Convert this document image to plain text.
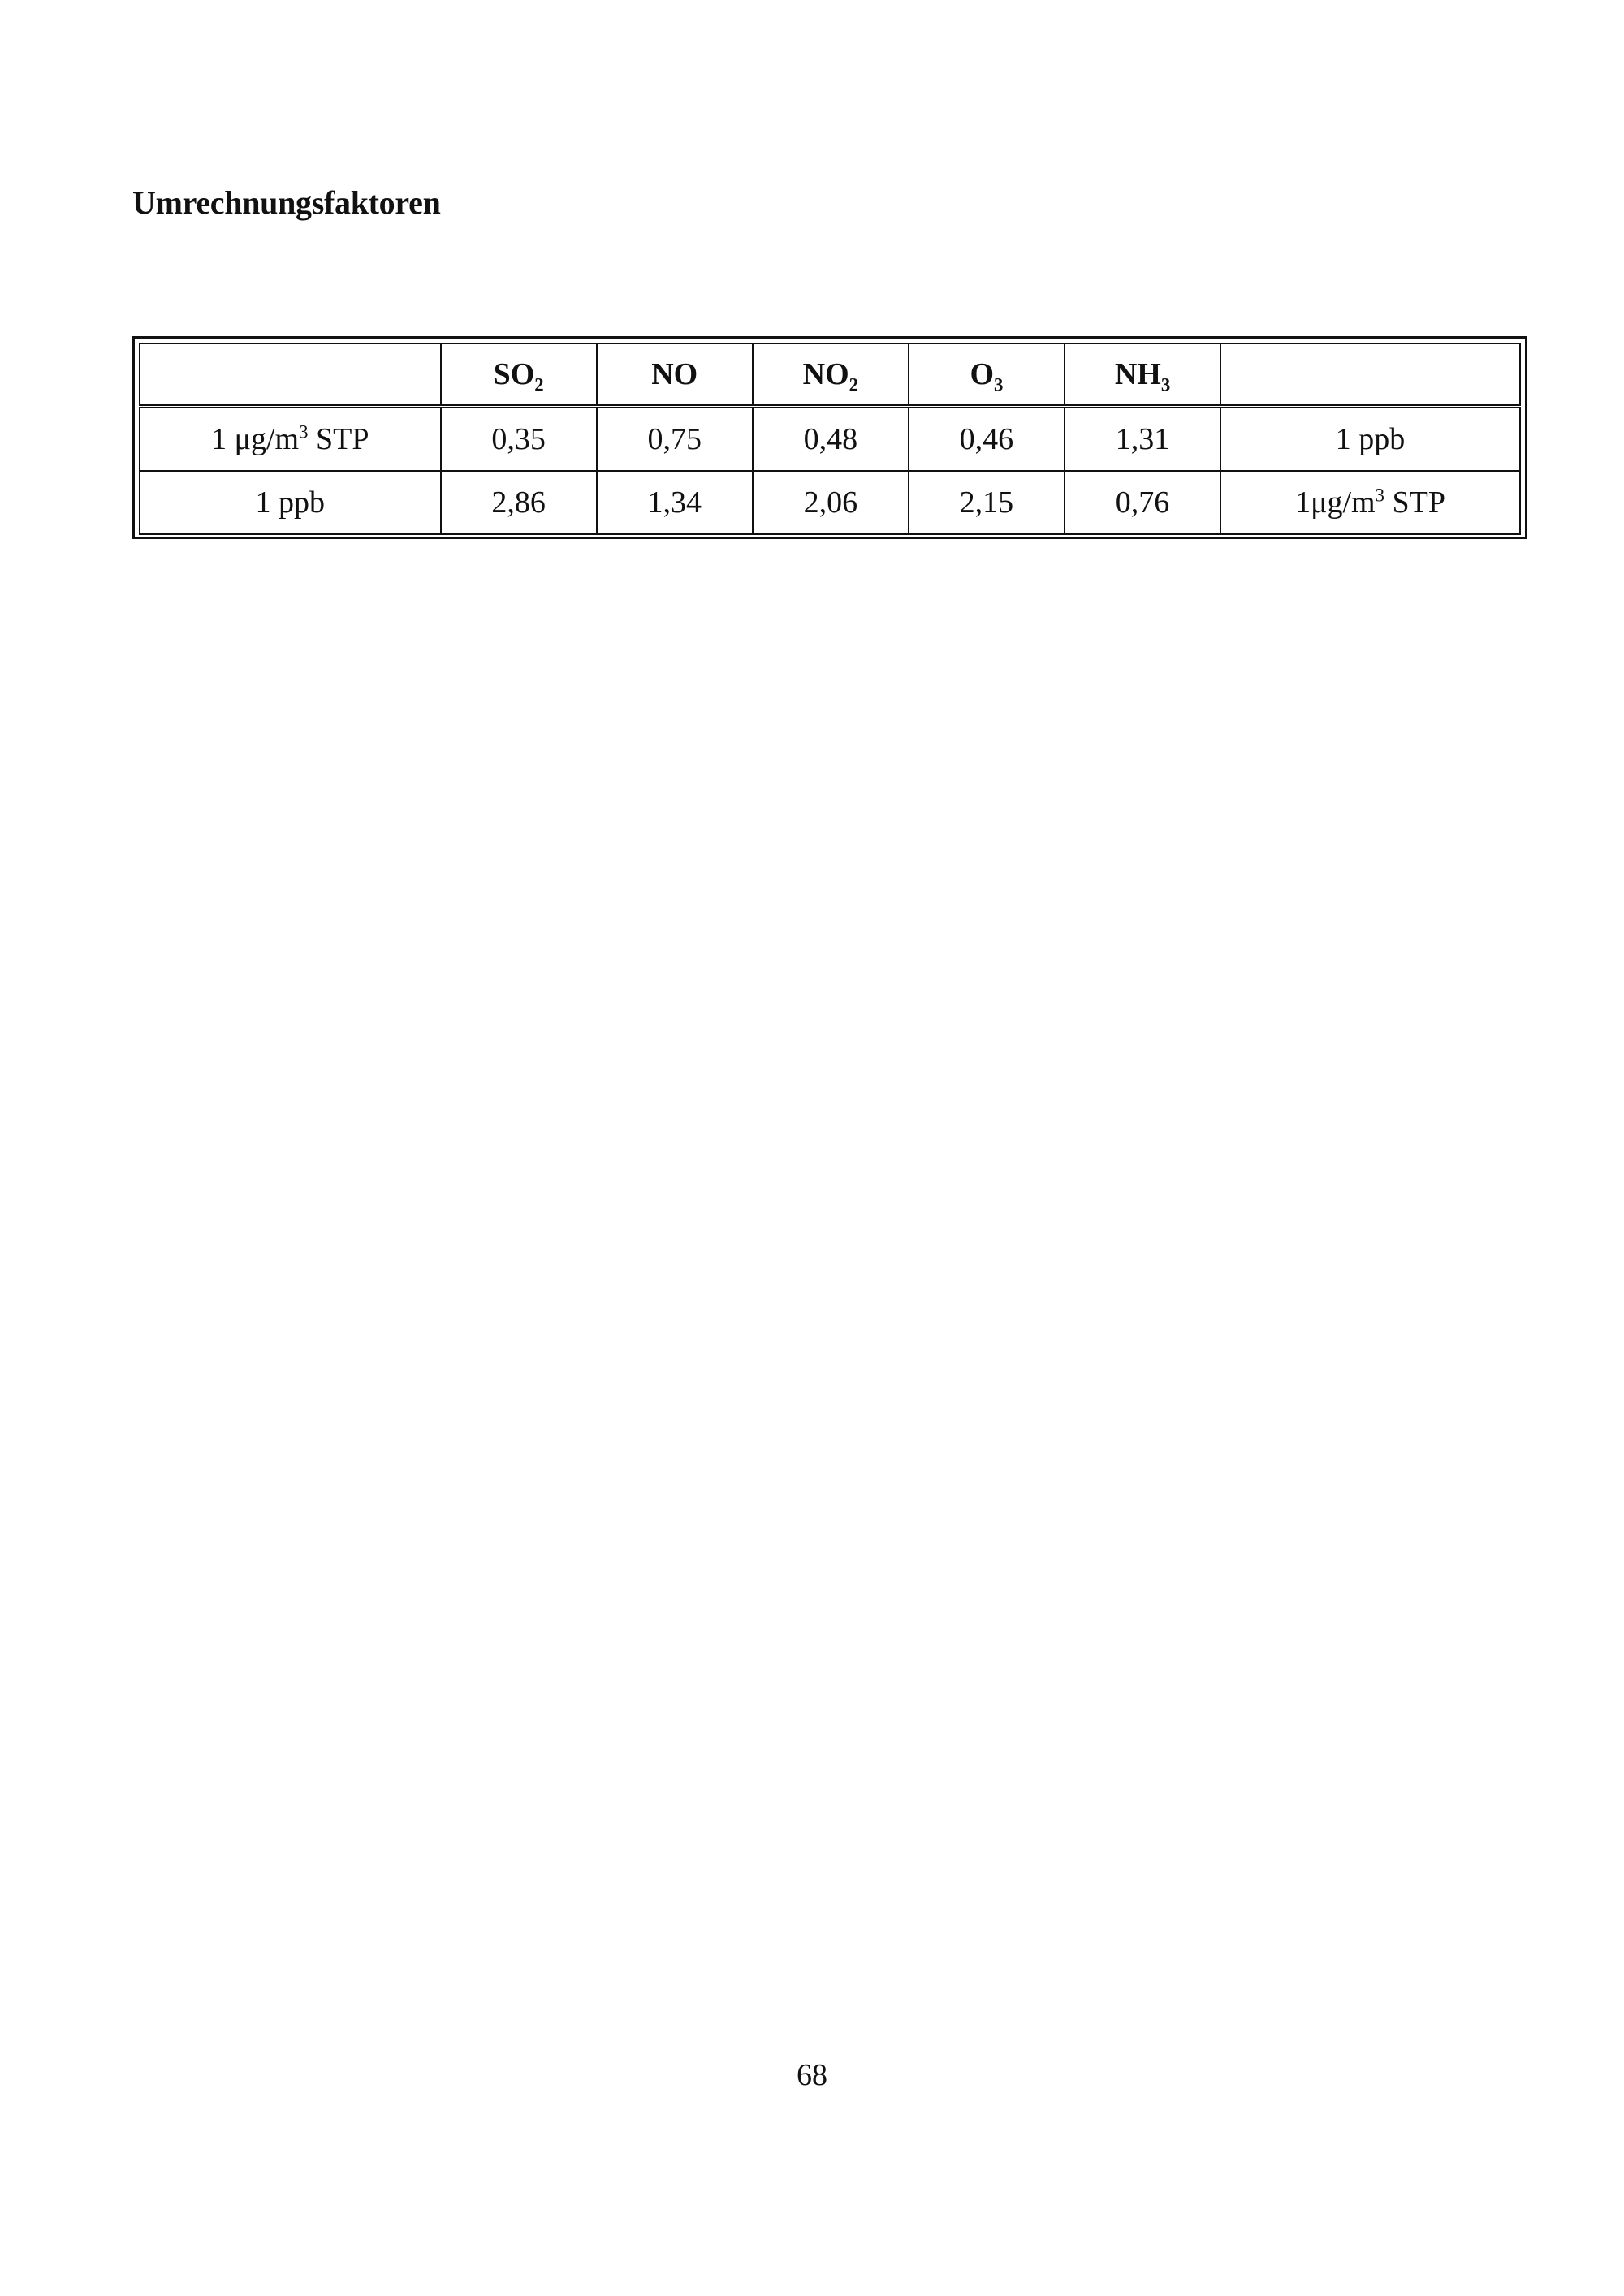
Umrechnungsfaktoren
	$SO_2$	NO	$NO_2$	$O_3$	$NH_3$	
1 $\mu g/m^3$ STP	0,35	0,75	0,48	0,46	1,31	1 ppb
1 ppb	2,86	1,34	2,06	2,15	0,76	$1\mu g/m^3$ STP
68
